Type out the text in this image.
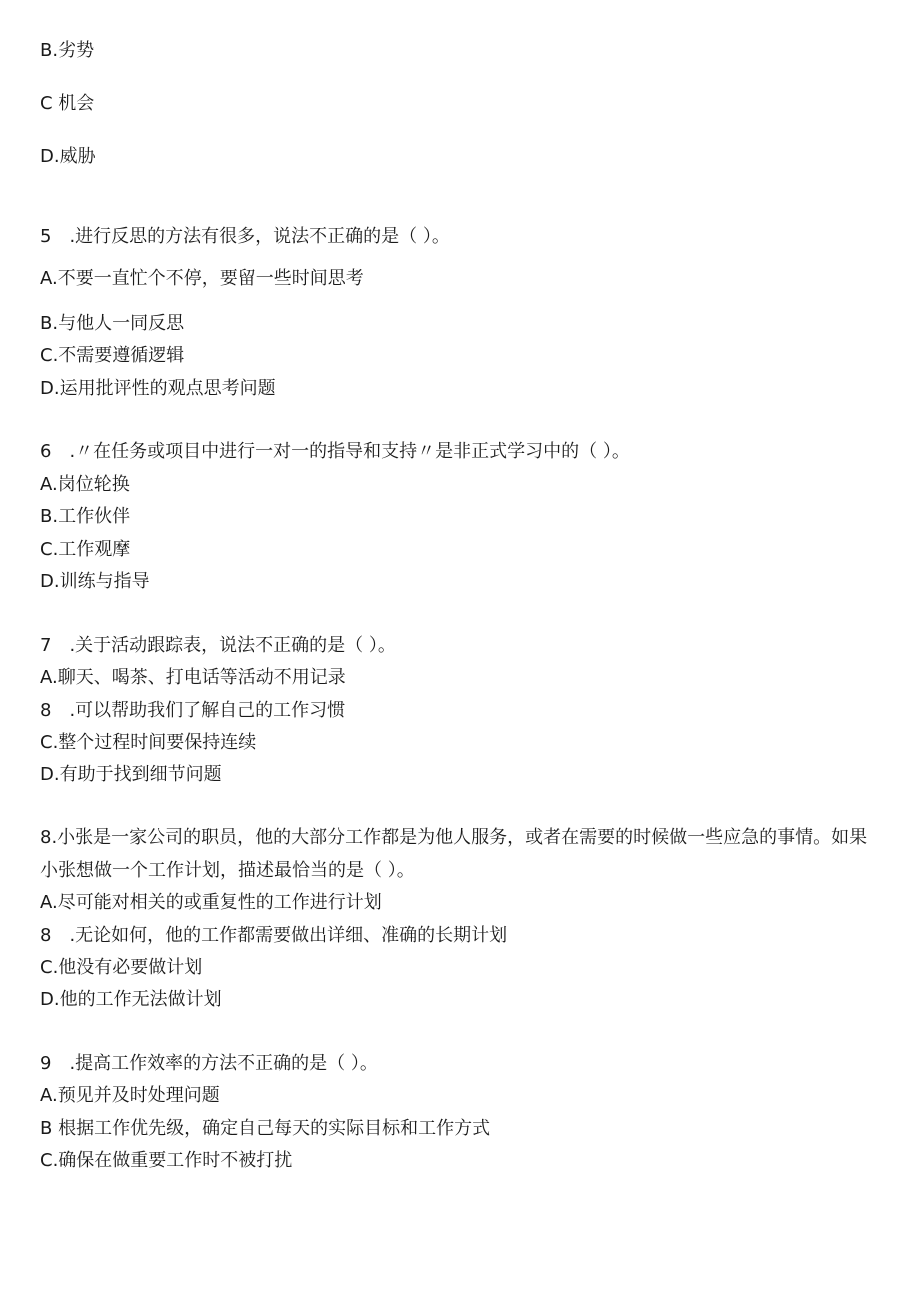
B.劣势
C 机会
D.威胁
5　.进行反思的方法有很多，说法不正确的是（ ）。
A.不要一直忙个不停，要留一些时间思考
B.与他人一同反思
C.不需要遵循逻辑
D.运用批评性的观点思考问题
6　.〃在任务或项目中进行一对一的指导和支持〃是非正式学习中的（ ）。
A.岗位轮换
B.工作伙伴
C.工作观摩
D.训练与指导
7　.关于活动跟踪表，说法不正确的是（ ）。
A.聊天、喝茶、打电话等活动不用记录
8　.可以帮助我们了解自己的工作习惯
C.整个过程时间要保持连续
D.有助于找到细节问题
8.小张是一家公司的职员，他的大部分工作都是为他人服务，或者在需要的时候做一些应急的事情。如果小张想做一个工作计划，描述最恰当的是（ ）。
A.尽可能对相关的或重复性的工作进行计划
8　.无论如何，他的工作都需要做出详细、准确的长期计划
C.他没有必要做计划
D.他的工作无法做计划
9　.提高工作效率的方法不正确的是（ ）。
A.预见并及时处理问题
B 根据工作优先级，确定自己每天的实际目标和工作方式
C.确保在做重要工作时不被打扰
